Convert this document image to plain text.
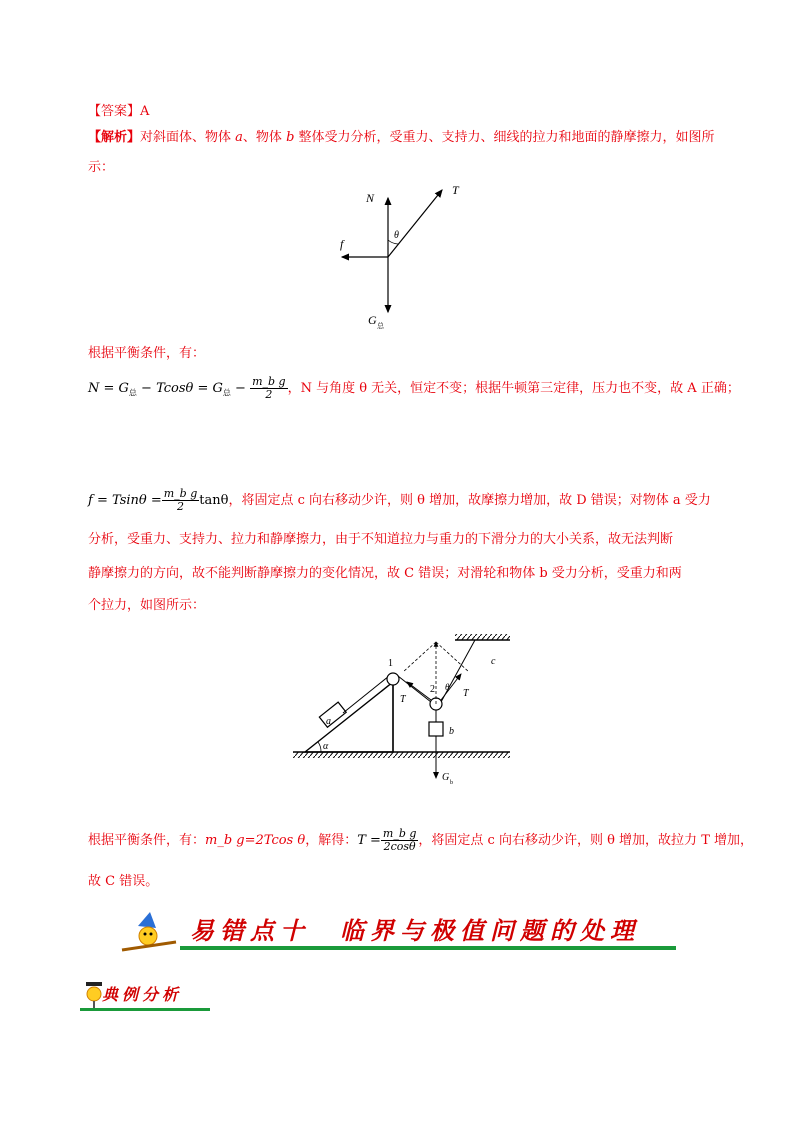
【答案】A
【解析】对斜面体、物体 a、物体 b 整体受力分析，受重力、支持力、细线的拉力和地面的静摩擦力，如图所
示：
N
T
θ
f
G 总
根据平衡条件，有：
$N = G_总 - Tcos\theta = G_总 - \frac{\text{m\_b g}}{2}$ ，N 与角度 θ 无关，恒定不变；根据牛顿第三定律，压力也不变，故 A 正确；
$f = Tsin\theta = \frac{\text{m\_b g}}{2}$ tanθ，将固定点 c 向右移动少许，则 θ 增加，故摩擦力增加，故 D 错误；对物体 a 受力
分析，受重力、支持力、拉力和静摩擦力，由于不知道拉力与重力的下滑分力的大小关系，故无法判断
静摩擦力的方向，故不能判断静摩擦力的变化情况，故 C 错误；对滑轮和物体 b 受力分析，受重力和两
个拉力，如图所示：
a
1
2
T
T
θ
c
b
G b
α
根据平衡条件，有：m_b g=2Tcos θ，解得：$T = \frac{\text{m\_b g}}{2\cos\theta}$ ，将固定点 c 向右移动少许，则 θ 增加，故拉力 T 增加，
故 C 错误。
易错点十　临界与极值问题的处理
典例分析
